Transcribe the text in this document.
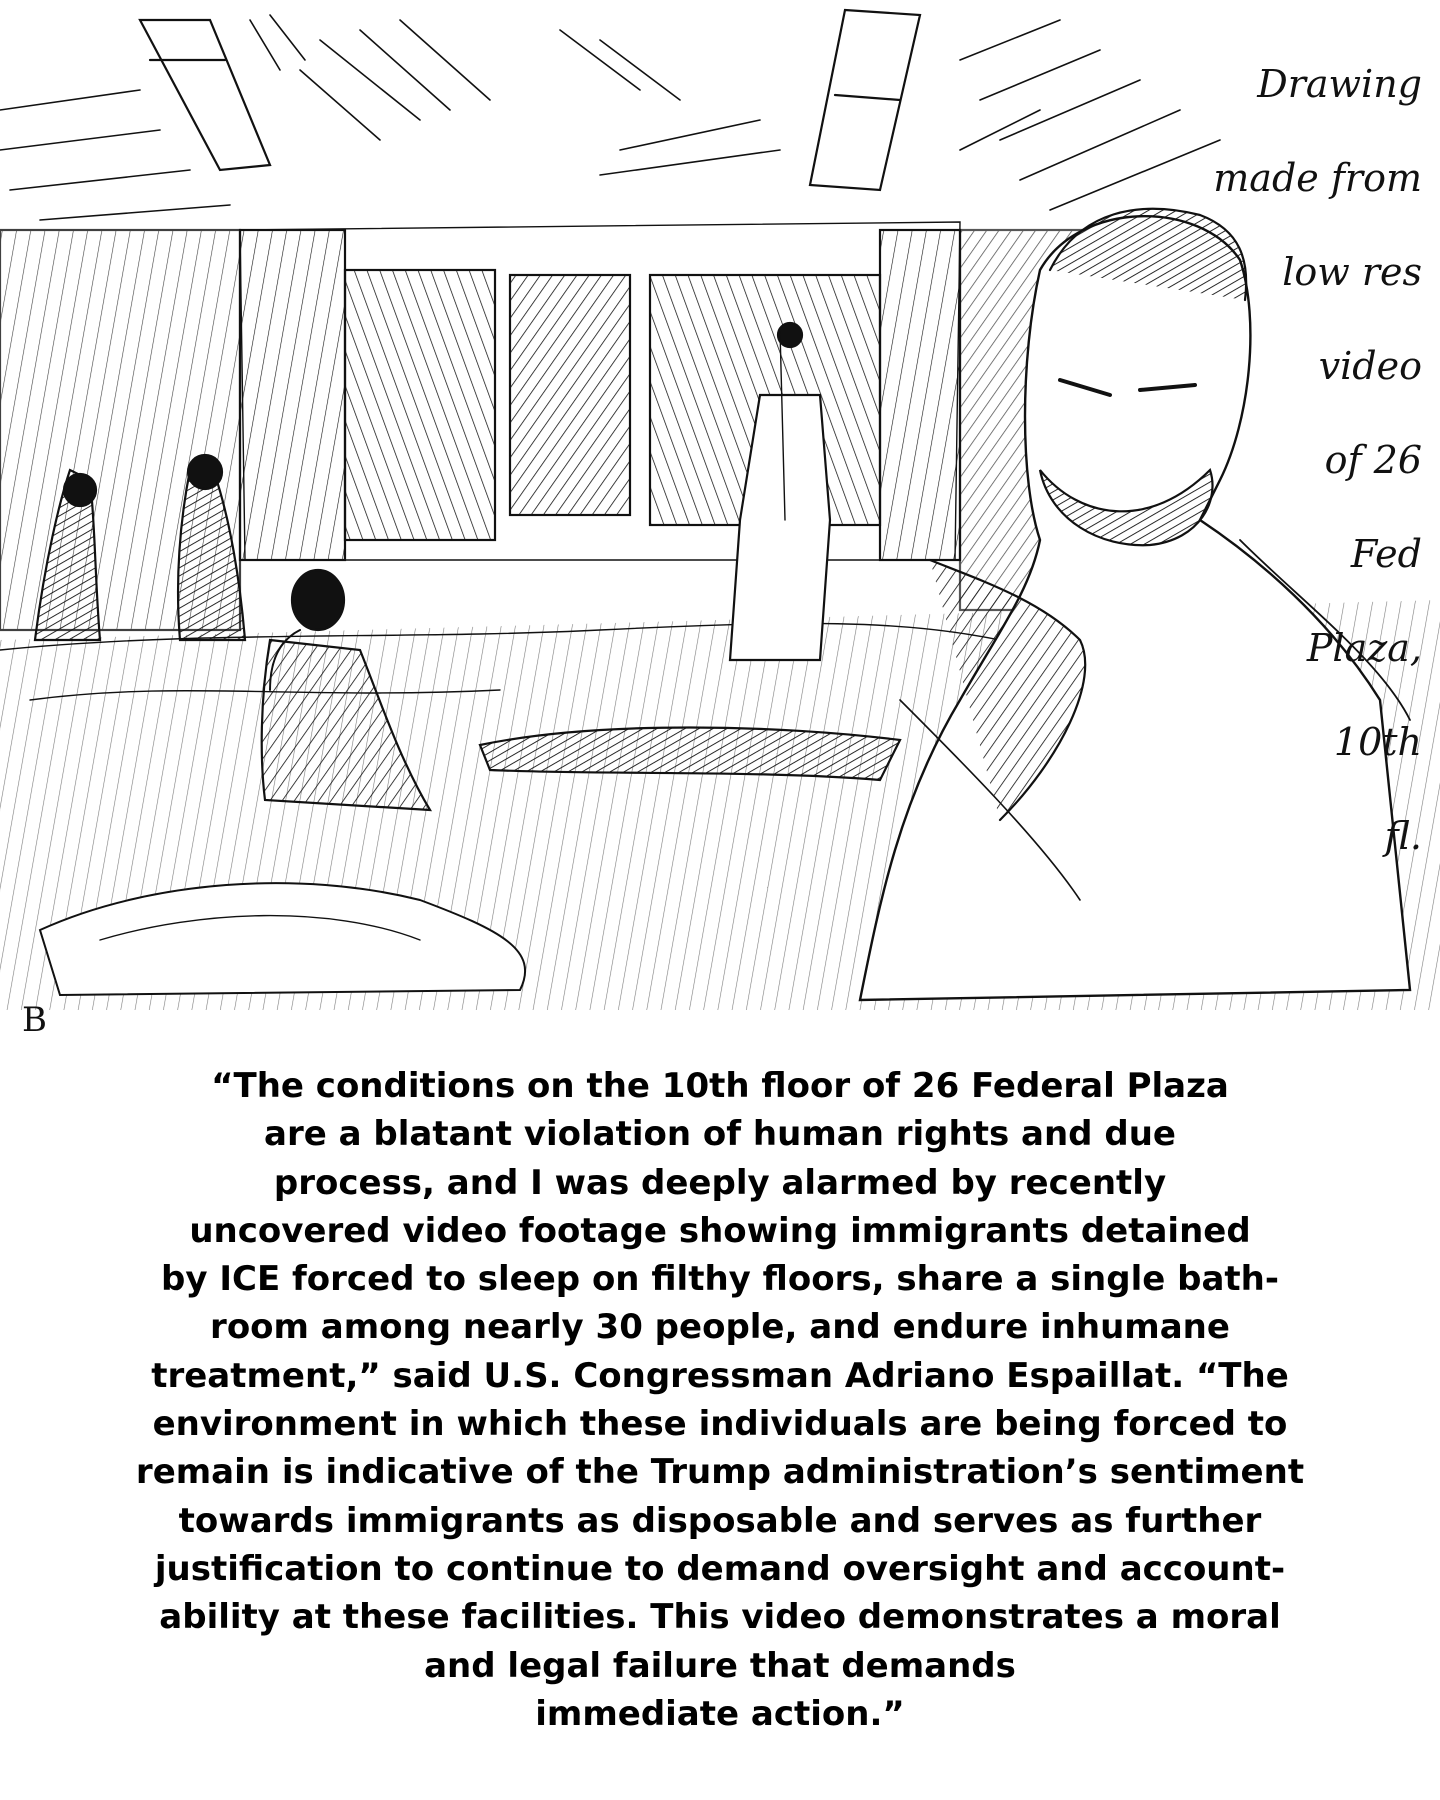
Drawing

made from

low res

video

of 26

Fed

Plaza,

10th

fl.

B
“The conditions on the 10th floor of 26 Federal Plaza
are a blatant violation of human rights and due
process, and I was deeply alarmed by recently
uncovered video footage showing immigrants detained
by ICE forced to sleep on filthy floors, share a single bath-
room among nearly 30 people, and endure inhumane
treatment,” said U.S. Congressman Adriano Espaillat. “The
environment in which these individuals are being forced to
remain is indicative of the Trump administration’s sentiment
towards immigrants as disposable and serves as further
justification to continue to demand oversight and account-
ability at these facilities. This video demonstrates a moral
and legal failure that demands
immediate action.”
